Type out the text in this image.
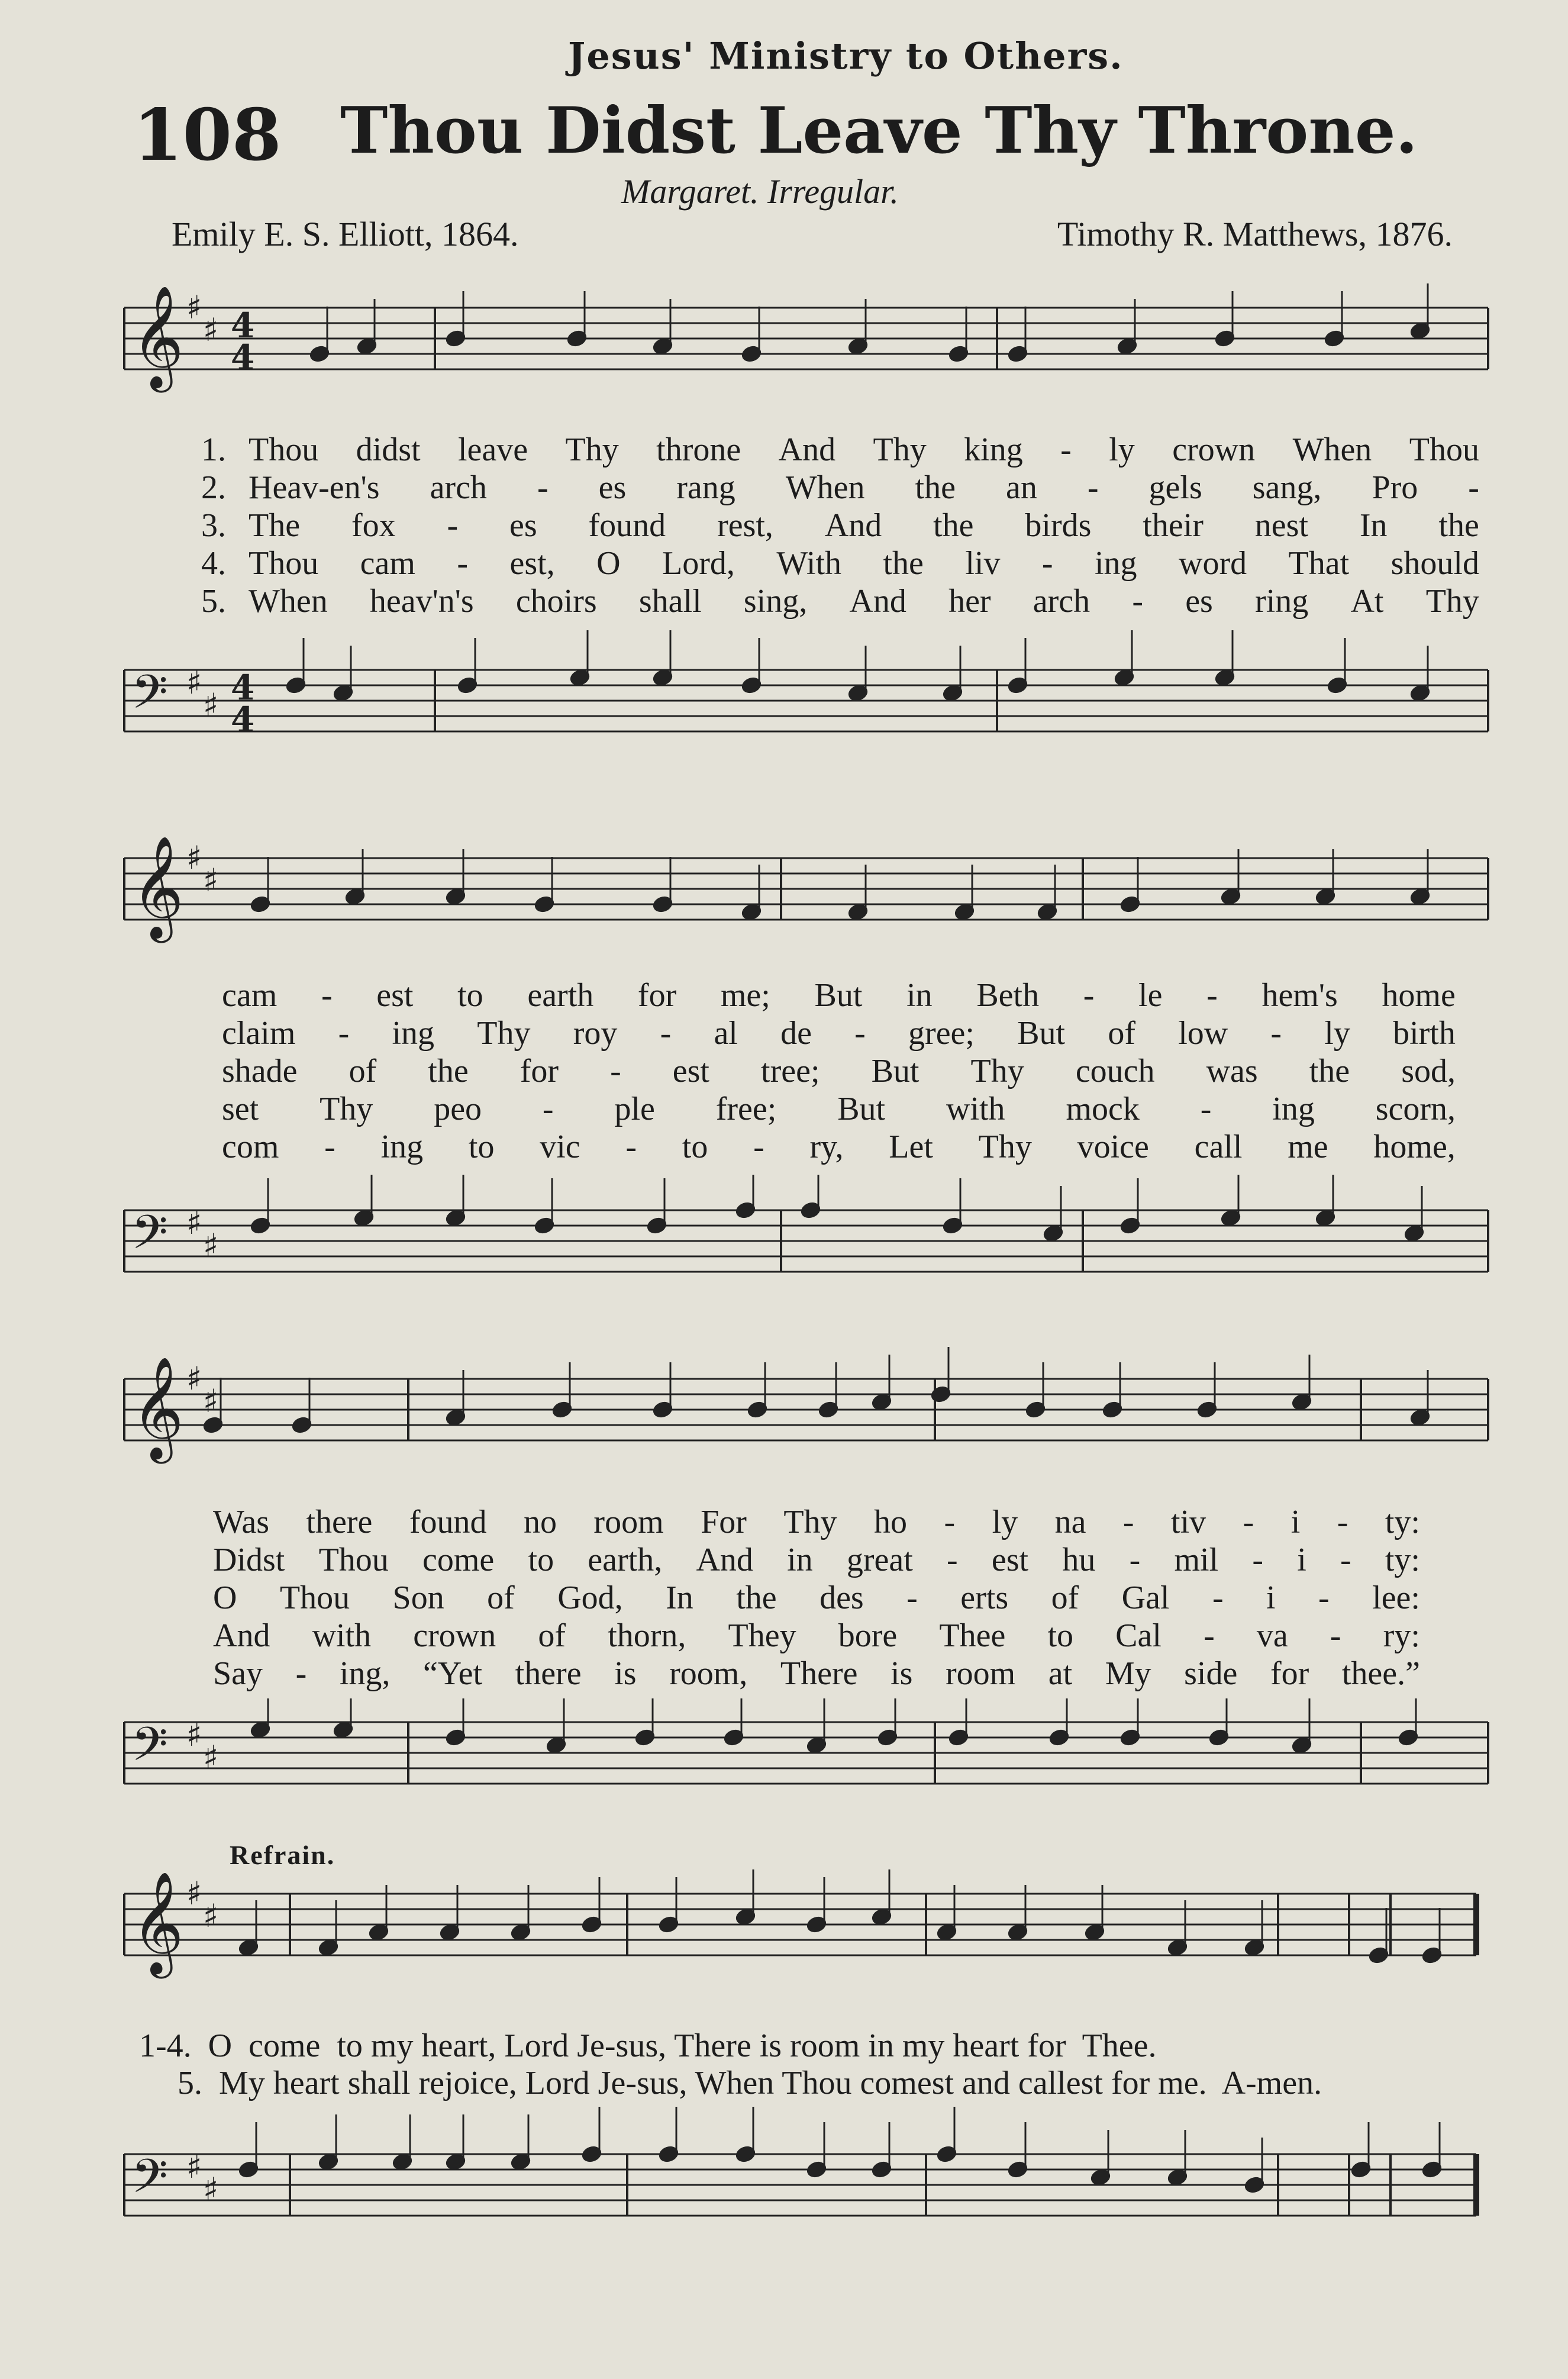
Jesus' Ministry to Others.
108 Thou Didst Leave Thy Throne.
Margaret. Irregular.
Emily E. S. Elliott, 1864.	Timothy R. Matthews, 1876.
𝄞 ♯
♯ 4
4
1. Thou didst leave Thy throne And Thy king - ly crown When Thou
2. Heav-en's arch - es rang When the an - gels sang, Pro -
3. The fox - es found rest, And the birds their nest In the
4. Thou cam - est, O Lord, With the liv - ing word That should
5. When heav'n's choirs shall sing, And her arch - es ring At Thy
𝄢 ♯
♯ 4
4
𝄞 ♯
♯
cam - est to earth for me; But in Beth - le - hem's home
claim - ing Thy roy - al de - gree; But of low - ly birth
shade of the for - est tree; But Thy couch was the sod,
set Thy peo - ple free; But with mock - ing scorn,
com - ing to vic - to - ry, Let Thy voice call me home,
𝄢 ♯
♯
𝄞 ♯
♯
Was there found no room For Thy ho - ly na - tiv - i - ty:
Didst Thou come to earth, And in great - est hu - mil - i - ty:
O Thou Son of God, In the des - erts of Gal - i - lee:
And with crown of thorn, They bore Thee to Cal - va - ry:
Say - ing, “Yet there is room, There is room at My side for thee.”
𝄢 ♯
♯
Refrain.
𝄞 ♯
♯
1-4. O  come  to my heart, Lord Je-sus, There is room in my heart for  Thee.
5. My heart shall rejoice, Lord Je-sus, When Thou comest and callest for me.  A-men.
𝄢 ♯
♯
